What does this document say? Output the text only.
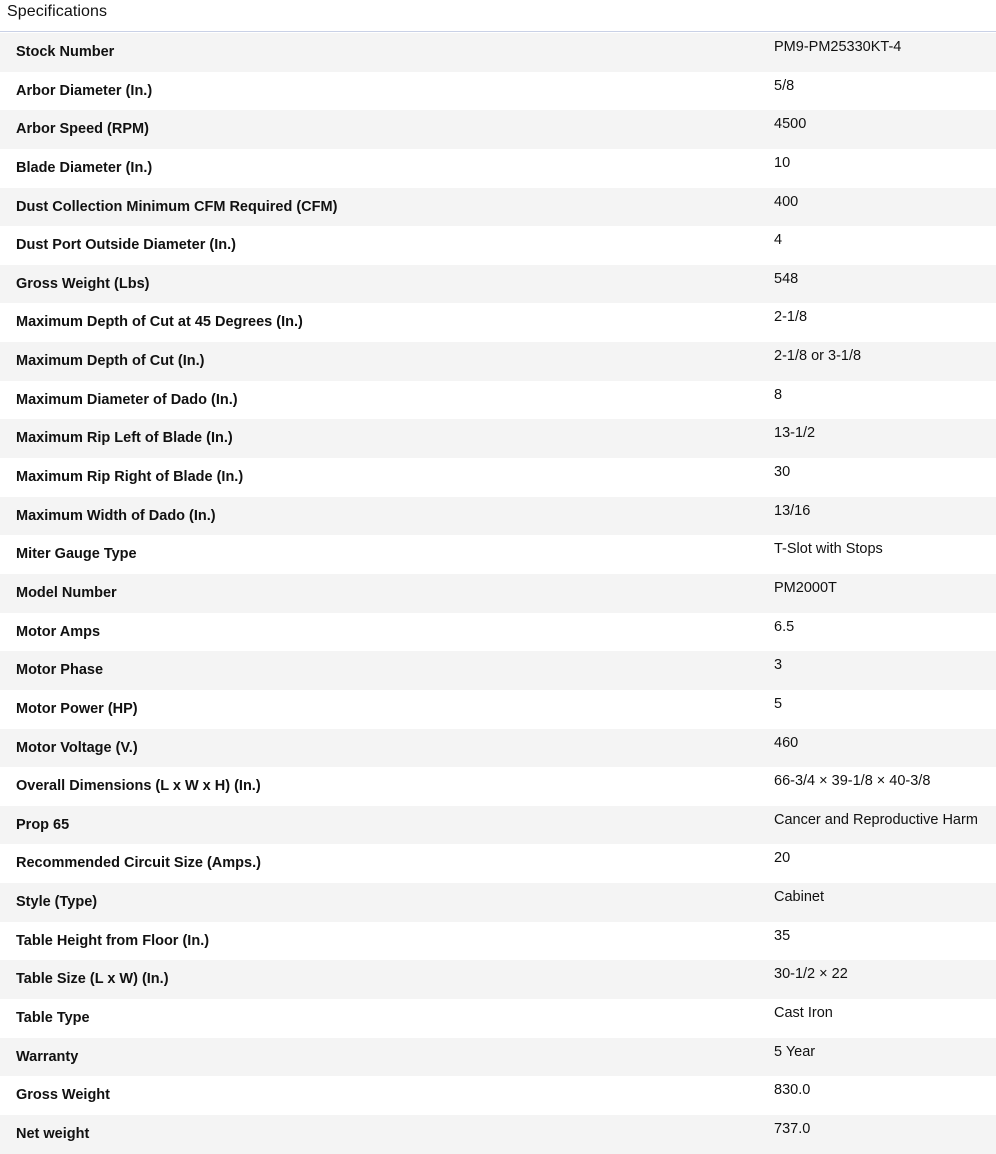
Specifications
Stock Number	PM9-PM25330KT-4

Arbor Diameter (In.)	5/8

Arbor Speed (RPM)	4500

Blade Diameter (In.)	10

Dust Collection Minimum CFM Required (CFM)	400

Dust Port Outside Diameter (In.)	4

Gross Weight (Lbs)	548

Maximum Depth of Cut at 45 Degrees (In.)	2-1/8

Maximum Depth of Cut (In.)	2-1/8 or 3-1/8

Maximum Diameter of Dado (In.)	8

Maximum Rip Left of Blade (In.)	13-1/2

Maximum Rip Right of Blade (In.)	30

Maximum Width of Dado (In.)	13/16

Miter Gauge Type	T-Slot with Stops

Model Number	PM2000T

Motor Amps	6.5

Motor Phase	3

Motor Power (HP)	5

Motor Voltage (V.)	460

Overall Dimensions (L x W x H) (In.)	66-3/4 × 39-1/8 × 40-3/8

Prop 65	Cancer and Reproductive Harm

Recommended Circuit Size (Amps.)	20

Style (Type)	Cabinet

Table Height from Floor (In.)	35

Table Size (L x W) (In.)	30-1/2 × 22

Table Type	Cast Iron

Warranty	5 Year

Gross Weight	830.0

Net weight	737.0
